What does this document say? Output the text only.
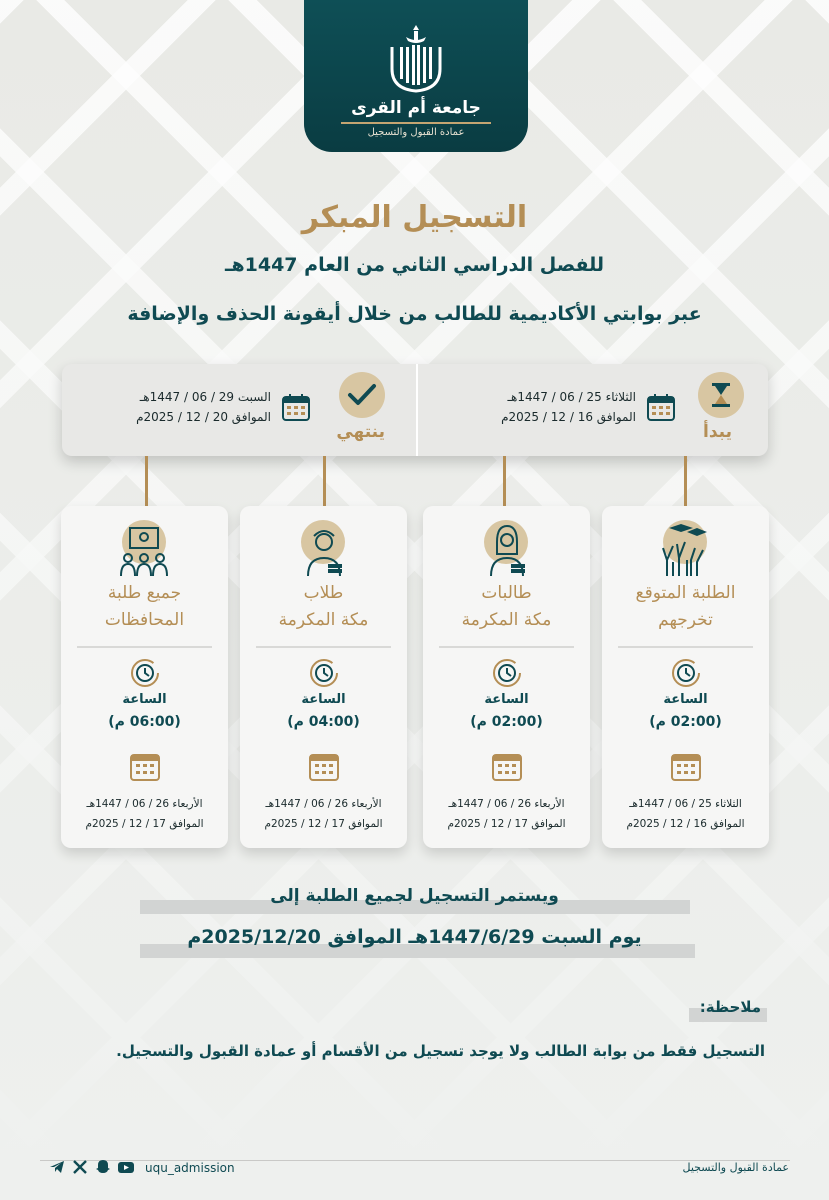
جامعة أم القرى
عمادة القبول والتسجيل
التسجيل المبكر
للفصل الدراسي الثاني من العام 1447هـ
عبر بوابتي الأكاديمية للطالب من خلال أيقونة الحذف والإضافة
يبدأ
الثلاثاء 25 / 06 / 1447هـ
الموافق 16 / 12 / 2025م
ينتهي
السبت 29 / 06 / 1447هـ
الموافق 20 / 12 / 2025م
الطلبة المتوقع
تخرجهم
الساعة
(02:00 م)
الثلاثاء 25 / 06 / 1447هـ
الموافق 16 / 12 / 2025م
طالبات
مكة المكرمة
الساعة
(02:00 م)
الأربعاء 26 / 06 / 1447هـ
الموافق 17 / 12 / 2025م
طلاب
مكة المكرمة
الساعة
(04:00 م)
الأربعاء 26 / 06 / 1447هـ
الموافق 17 / 12 / 2025م
جميع طلبة
المحافظات
الساعة
(06:00 م)
الأربعاء 26 / 06 / 1447هـ
الموافق 17 / 12 / 2025م
ويستمر التسجيل لجميع الطلبة إلى
يوم السبت 1447/6/29هـ الموافق 2025/12/20م
ملاحظة:
التسجيل فقط من بوابة الطالب ولا يوجد تسجيل من الأقسام أو عمادة القبول والتسجيل.
uqu_admission	عمادة القبول والتسجيل
